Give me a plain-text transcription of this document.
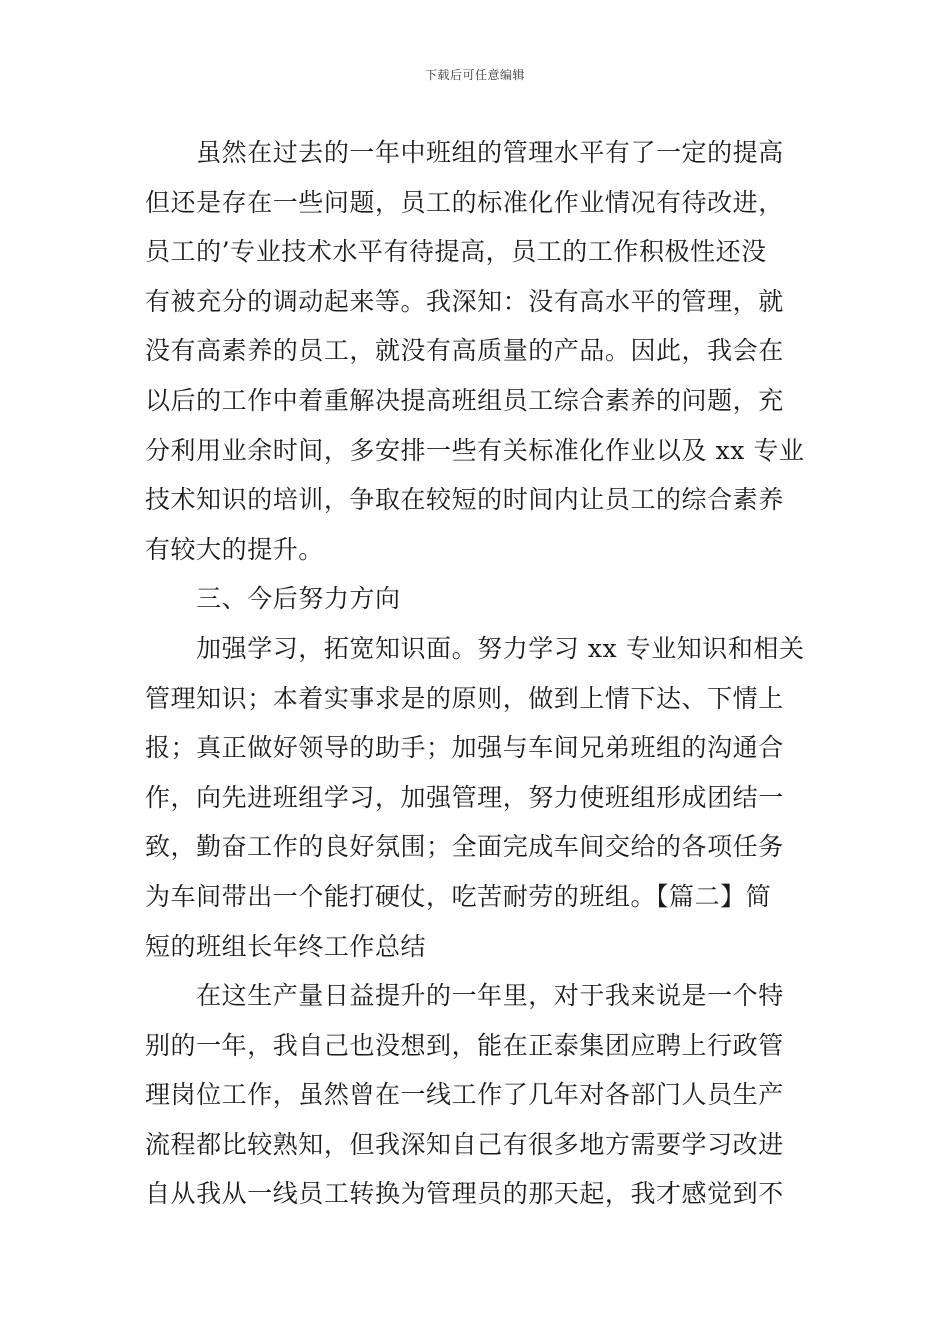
下载后可任意编辑
　　虽然在过去的一年中班组的管理水平有了一定的提高
但还是存在一些问题，员工的标准化作业情况有待改进，
员工的’专业技术水平有待提高，员工的工作积极性还没
有被充分的调动起来等。我深知：没有高水平的管理，就
没有高素养的员工，就没有高质量的产品。因此，我会在
以后的工作中着重解决提高班组员工综合素养的问题，充
分利用业余时间，多安排一些有关标准化作业以及 xx 专业
技术知识的培训，争取在较短的时间内让员工的综合素养
有较大的提升。
　　三、今后努力方向
　　加强学习，拓宽知识面。努力学习 xx 专业知识和相关
管理知识；本着实事求是的原则，做到上情下达、下情上
报；真正做好领导的助手；加强与车间兄弟班组的沟通合
作，向先进班组学习，加强管理，努力使班组形成团结一
致，勤奋工作的良好氛围；全面完成车间交给的各项任务
为车间带出一个能打硬仗，吃苦耐劳的班组。【篇二】简
短的班组长年终工作总结
　　在这生产量日益提升的一年里，对于我来说是一个特
别的一年，我自己也没想到，能在正泰集团应聘上行政管
理岗位工作，虽然曾在一线工作了几年对各部门人员生产
流程都比较熟知，但我深知自己有很多地方需要学习改进
自从我从一线员工转换为管理员的那天起，我才感觉到不
